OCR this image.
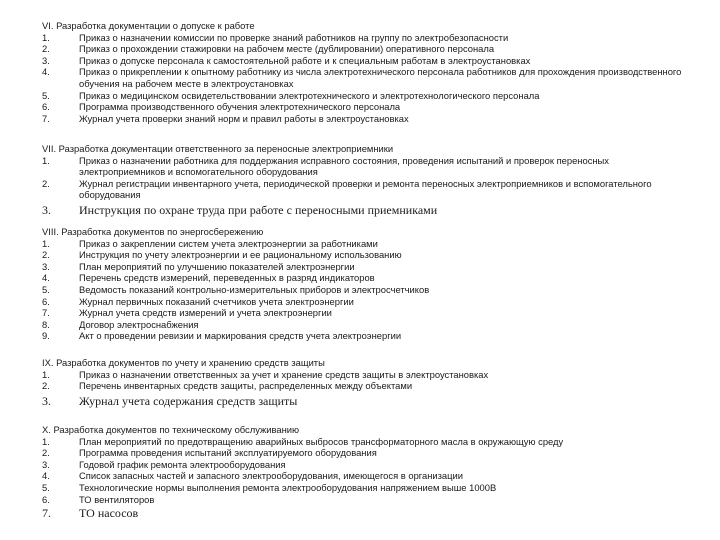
VI. Разработка документации о допуске к работе
1.	Приказ о назначении комиссии по проверке знаний работников на группу по электробезопасности
2.	Приказ о прохождении стажировки на рабочем месте (дублировании) оперативного персонала
3.	Приказ о допуске персонала к самостоятельной работе и к специальным работам в электроустановках
4.	Приказ о прикреплении к опытному работнику из числа электротехнического персонала работников для прохождения производственного обучения на рабочем месте в электроустановках
5.	Приказ о медицинском освидетельствовании электротехнического и электротехнологического персонала
6.	Программа производственного обучения электротехнического персонала
7.	Журнал учета проверки знаний норм и правил работы в электроустановках
VII. Разработка документации ответственного за переносные электроприемники
1.	Приказ о назначении работника для поддержания исправного состояния, проведения испытаний и проверок переносных электроприемников и вспомогательного оборудования
2.	Журнал регистрации инвентарного учета, периодической проверки и ремонта переносных электроприемников и вспомогательного оборудования
3.	Инструкция по охране труда при работе с переносными приемниками
VIII. Разработка документов по энергосбережению
1.	Приказ о закреплении систем учета электроэнергии за работниками
2.	Инструкция по учету электроэнергии и ее рациональному использованию
3.	План мероприятий по улучшению показателей электроэнергии
4.	Перечень средств измерений, переведенных в разряд индикаторов
5.	Ведомость показаний контрольно-измерительных приборов и электросчетчиков
6.	Журнал первичных показаний счетчиков учета электроэнергии
7.	Журнал учета средств измерений и учета электроэнергии
8.	Договор электроснабжения
9.	Акт о проведении ревизии и маркирования средств учета электроэнергии
IX. Разработка документов по учету и хранению средств защиты
1.	Приказ о назначении ответственных за учет и хранение средств защиты в электроустановках
2.	Перечень инвентарных средств защиты, распределенных между объектами
3.	Журнал учета содержания средств защиты
X. Разработка документов по техническому обслуживанию
1.	План мероприятий по предотвращению аварийных выбросов трансформаторного масла в окружающую среду
2.	Программа проведения испытаний эксплуатируемого оборудования
3.	Годовой график ремонта электрооборудования
4.	Список запасных частей и запасного электрооборудования, имеющегося в организации
5.	Технологические нормы выполнения ремонта электрооборудования напряжением выше 1000В
6.	ТО вентиляторов
7.	ТО насосов
